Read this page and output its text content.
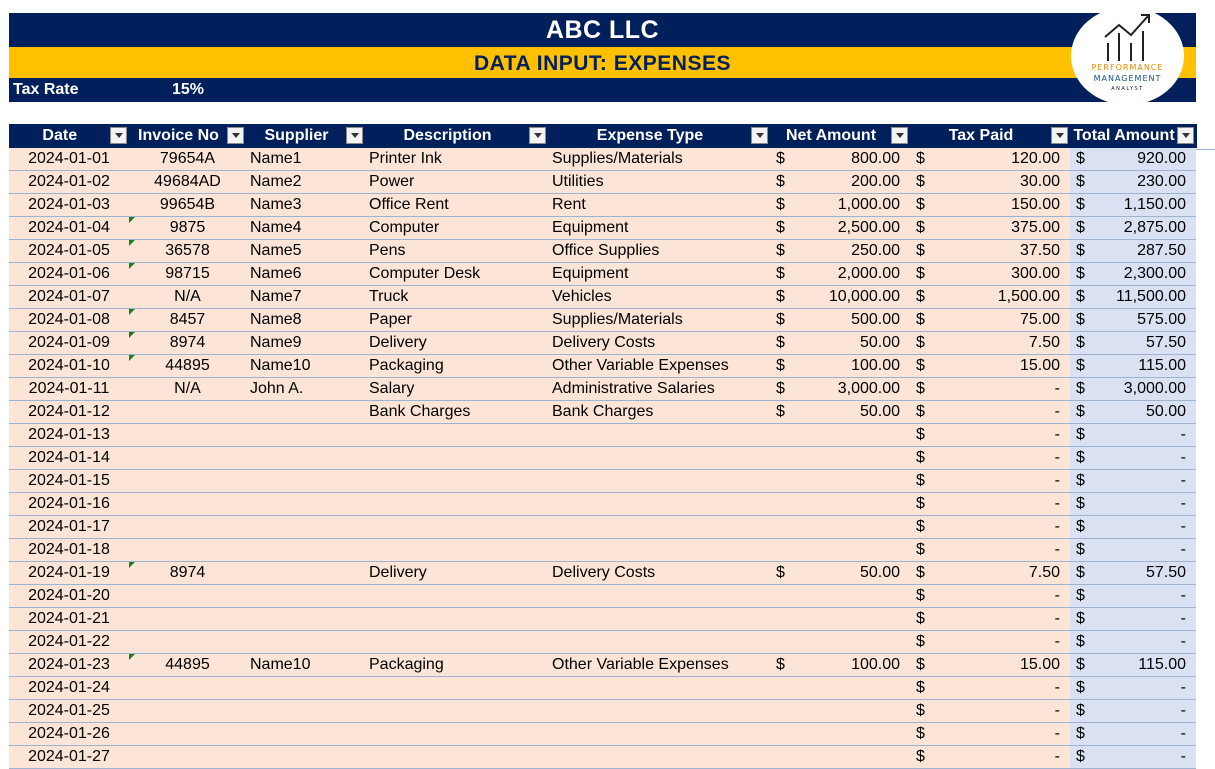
ABC LLC
DATA INPUT: EXPENSES
Tax Rate	15%
PERFORMANCE
MANAGEMENT
ANALYST
Date	Invoice No	Supplier	Description	Expense Type	Net Amount	Tax Paid	Total Amount

2024-01-01	79654A	Name1	Printer Ink	Supplies/Materials	$ 800.00	$ 120.00	$ 920.00

2024-01-02	49684AD	Name2	Power	Utilities	$ 200.00	$ 30.00	$ 230.00

2024-01-03	99654B	Name3	Office Rent	Rent	$ 1,000.00	$ 150.00	$ 1,150.00

2024-01-04	9875	Name4	Computer	Equipment	$ 2,500.00	$ 375.00	$ 2,875.00

2024-01-05	36578	Name5	Pens	Office Supplies	$ 250.00	$ 37.50	$ 287.50

2024-01-06	98715	Name6	Computer Desk	Equipment	$ 2,000.00	$ 300.00	$ 2,300.00

2024-01-07	N/A	Name7	Truck	Vehicles	$ 10,000.00	$ 1,500.00	$ 11,500.00

2024-01-08	8457	Name8	Paper	Supplies/Materials	$ 500.00	$ 75.00	$ 575.00

2024-01-09	8974	Name9	Delivery	Delivery Costs	$ 50.00	$ 7.50	$ 57.50

2024-01-10	44895	Name10	Packaging	Other Variable Expenses	$ 100.00	$ 15.00	$ 115.00

2024-01-11	N/A	John A.	Salary	Administrative Salaries	$ 3,000.00	$ -	$ 3,000.00

2024-01-12			Bank Charges	Bank Charges	$ 50.00	$ -	$ 50.00

2024-01-13						$ -	$ -

2024-01-14						$ -	$ -

2024-01-15						$ -	$ -

2024-01-16						$ -	$ -

2024-01-17						$ -	$ -

2024-01-18						$ -	$ -

2024-01-19	8974		Delivery	Delivery Costs	$ 50.00	$ 7.50	$ 57.50

2024-01-20						$ -	$ -

2024-01-21						$ -	$ -

2024-01-22						$ -	$ -

2024-01-23	44895	Name10	Packaging	Other Variable Expenses	$ 100.00	$ 15.00	$ 115.00

2024-01-24						$ -	$ -

2024-01-25						$ -	$ -

2024-01-26						$ -	$ -

2024-01-27						$ -	$ -
